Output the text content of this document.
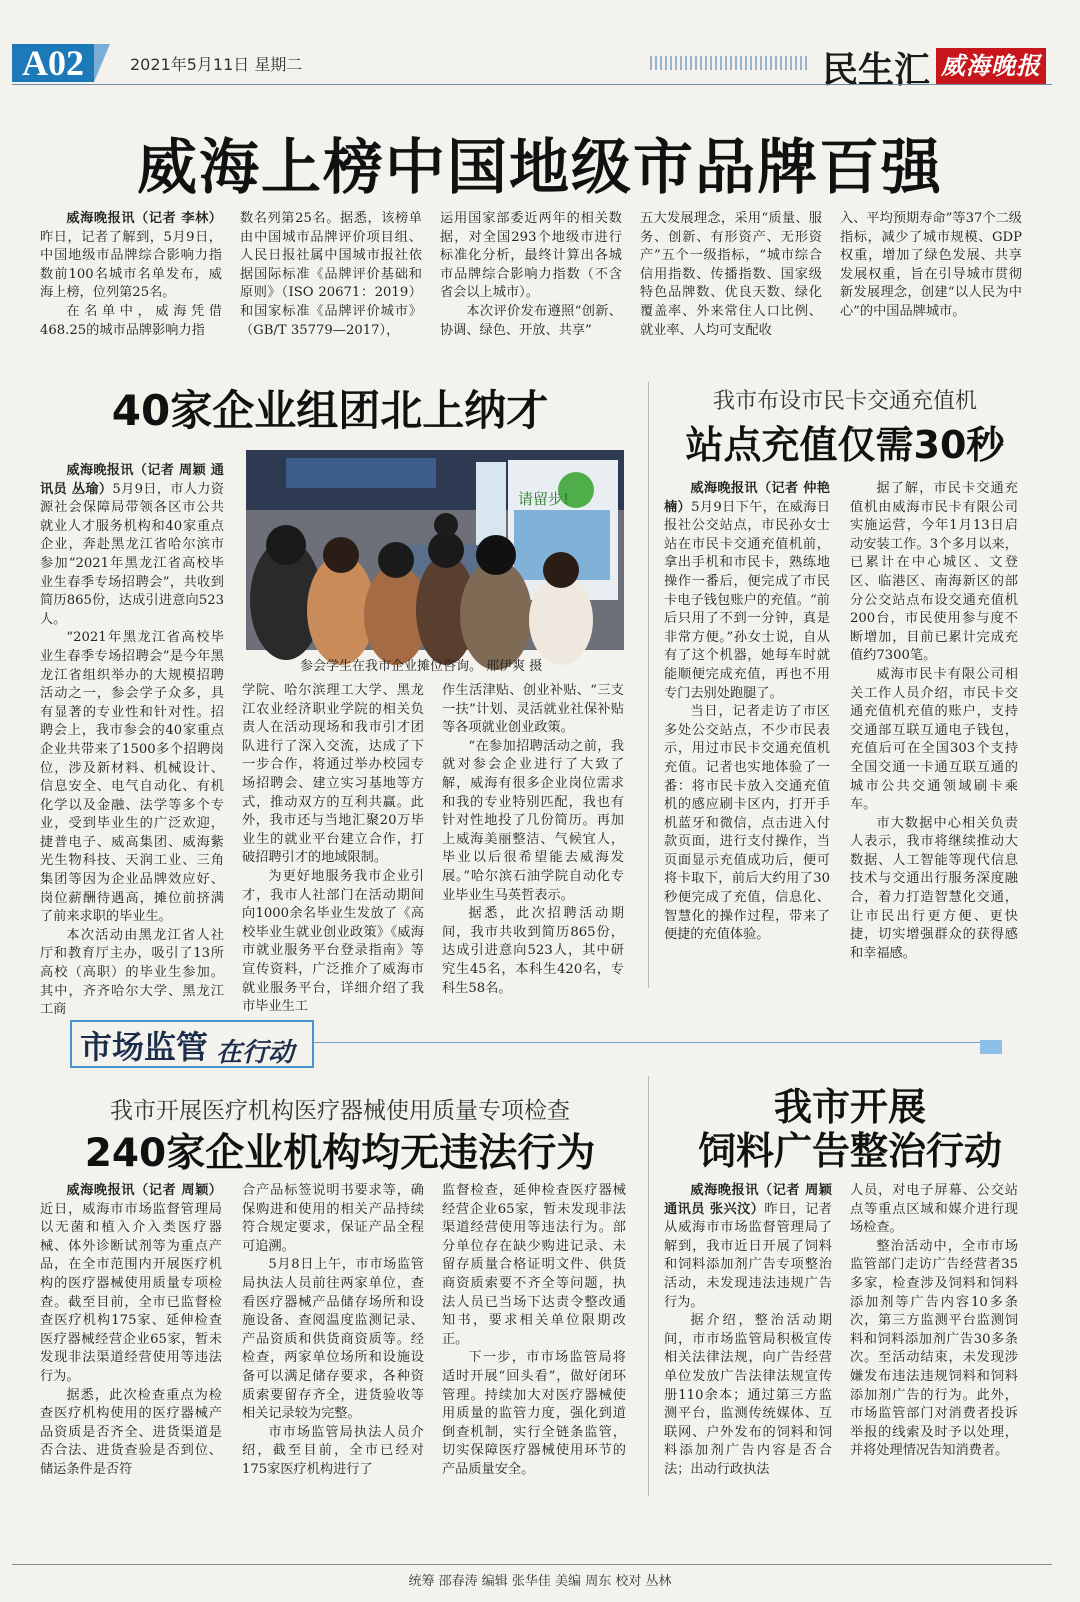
A02	2021年5月11日 星期二	民生汇 威海晚报
威海上榜中国地级市品牌百强

威海晚报讯（记者 李林）昨日，记者了解到，5月9日，中国地级市品牌综合影响力指数前100名城市名单发布，威海上榜，位列第25名。

在名单中，威海凭借468.25的城市品牌影响力指

数名列第25名。据悉，该榜单由中国城市品牌评价项目组、人民日报社属中国城市报社依据国际标准《品牌评价基础和原则》（ISO 20671：2019）和国家标准《品牌评价城市》（GB/T 35779—2017），

运用国家部委近两年的相关数据，对全国293个地级市进行标准化分析，最终计算出各城市品牌综合影响力指数（不含省会以上城市）。

本次评价发布遵照“创新、协调、绿色、开放、共享”

五大发展理念，采用“质量、服务、创新、有形资产、无形资产”五个一级指标，“城市综合信用指数、传播指数、国家级特色品牌数、优良天数、绿化覆盖率、外来常住人口比例、就业率、人均可支配收

入、平均预期寿命”等37个二级指标，减少了城市规模、GDP权重，增加了绿色发展、共享发展权重，旨在引导城市贯彻新发展理念，创建“以人民为中心”的中国品牌城市。

40家企业组团北上纳才
请留步!
参会学生在我市企业摊位咨询。 邢伊爽 摄

威海晚报讯（记者 周颖 通讯员 丛瑜）5月9日，市人力资源社会保障局带领各区市公共就业人才服务机构和40家重点企业，奔赴黑龙江省哈尔滨市参加“2021年黑龙江省高校毕业生春季专场招聘会”，共收到简历865份，达成引进意向523人。

“2021年黑龙江省高校毕业生春季专场招聘会”是今年黑龙江省组织举办的大规模招聘活动之一，参会学子众多，具有显著的专业性和针对性。招聘会上，我市参会的40家重点企业共带来了1500多个招聘岗位，涉及新材料、机械设计、信息安全、电气自动化、有机化学以及金融、法学等多个专业，受到毕业生的广泛欢迎，捷普电子、威高集团、威海紫光生物科技、天润工业、三角集团等因为企业品牌效应好、岗位薪酬待遇高，摊位前挤满了前来求职的毕业生。

本次活动由黑龙江省人社厅和教育厅主办，吸引了13所高校（高职）的毕业生参加。其中，齐齐哈尔大学、黑龙江工商

学院、哈尔滨理工大学、黑龙江农业经济职业学院的相关负责人在活动现场和我市引才团队进行了深入交流，达成了下一步合作，将通过举办校园专场招聘会、建立实习基地等方式，推动双方的互利共赢。此外，我市还与当地汇聚20万毕业生的就业平台建立合作，打破招聘引才的地域限制。

为更好地服务我市企业引才，我市人社部门在活动期间向1000余名毕业生发放了《高校毕业生就业创业政策》《威海市就业服务平台登录指南》等宣传资料，广泛推介了威海市就业服务平台，详细介绍了我市毕业生工

作生活津贴、创业补贴、“三支一扶”计划、灵活就业社保补贴等各项就业创业政策。

“在参加招聘活动之前，我就对参会企业进行了大致了解，威海有很多企业岗位需求和我的专业特别匹配，我也有针对性地投了几份简历。再加上威海美丽整洁、气候宜人，毕业以后很希望能去威海发展。”哈尔滨石油学院自动化专业毕业生马英哲表示。

据悉，此次招聘活动期间，我市共收到简历865份，达成引进意向523人，其中研究生45名，本科生420名，专科生58名。

我市布设市民卡交通充值机
站点充值仅需30秒

威海晚报讯（记者 仲艳楠）5月9日下午，在威海日报社公交站点，市民孙女士站在市民卡交通充值机前，拿出手机和市民卡，熟练地操作一番后，便完成了市民卡电子钱包账户的充值。“前后只用了不到一分钟，真是非常方便。”孙女士说，自从有了这个机器，她每车时就能顺便完成充值，再也不用专门去别处跑腿了。

当日，记者走访了市区多处公交站点，不少市民表示，用过市民卡交通充值机充值。记者也实地体验了一番：将市民卡放入交通充值机的感应刷卡区内，打开手机蓝牙和微信，点击进入付款页面，进行支付操作，当页面显示充值成功后，便可将卡取下，前后大约用了30秒便完成了充值，信息化、智慧化的操作过程，带来了便捷的充值体验。

据了解，市民卡交通充值机由威海市民卡有限公司实施运营，今年1月13日启动安装工作。3个多月以来，已累计在中心城区、文登区、临港区、南海新区的部分公交站点布设交通充值机200台，市民使用参与度不断增加，目前已累计完成充值约7300笔。

威海市民卡有限公司相关工作人员介绍，市民卡交通充值机充值的账户，支持交通部互联互通电子钱包，充值后可在全国303个支持全国交通一卡通互联互通的城市公共交通领域刷卡乘车。

市大数据中心相关负责人表示，我市将继续推动大数据、人工智能等现代信息技术与交通出行服务深度融合，着力打造智慧化交通，让市民出行更方便、更快捷，切实增强群众的获得感和幸福感。

市场监管 在行动
我市开展医疗机构医疗器械使用质量专项检查
240家企业机构均无违法行为

威海晚报讯（记者 周颖）近日，威海市市场监督管理局以无菌和植入介入类医疗器械、体外诊断试剂等为重点产品，在全市范围内开展医疗机构的医疗器械使用质量专项检查。截至目前，全市已监督检查医疗机构175家、延伸检查医疗器械经营企业65家，暂未发现非法渠道经营使用等违法行为。

据悉，此次检查重点为检查医疗机构使用的医疗器械产品资质是否齐全、进货渠道是否合法、进货查验是否到位、储运条件是否符

合产品标签说明书要求等，确保购进和使用的相关产品持续符合规定要求，保证产品全程可追溯。

5月8日上午，市市场监管局执法人员前往两家单位，查看医疗器械产品储存场所和设施设备、查阅温度监测记录、产品资质和供货商资质等。经检查，两家单位场所和设施设备可以满足储存要求，各种资质索要留存齐全，进货验收等相关记录较为完整。

市市场监管局执法人员介绍，截至目前，全市已经对175家医疗机构进行了

监督检查，延伸检查医疗器械经营企业65家，暂未发现非法渠道经营使用等违法行为。部分单位存在缺少购进记录、未留存质量合格证明文件、供货商资质索要不齐全等问题，执法人员已当场下达责令整改通知书，要求相关单位限期改正。

下一步，市市场监管局将适时开展“回头看”，做好闭环管理。持续加大对医疗器械使用质量的监管力度，强化到道倒查机制，实行全链条监管，切实保障医疗器械使用环节的产品质量安全。

我市开展
饲料广告整治行动

威海晚报讯（记者 周颖 通讯员 张兴汶）昨日，记者从威海市市场监督管理局了解到，我市近日开展了饲料和饲料添加剂广告专项整治活动，未发现违法违规广告行为。

据介绍，整治活动期间，市市场监管局积极宣传相关法律法规，向广告经营单位发放广告法律法规宣传册110余本；通过第三方监测平台，监测传统媒体、互联网、户外发布的饲料和饲料添加剂广告内容是否合法；出动行政执法

人员，对电子屏幕、公交站点等重点区域和媒介进行现场检查。

整治活动中，全市市场监管部门走访广告经营者35多家，检查涉及饲料和饲料添加剂等广告内容10多条次，第三方监测平台监测饲料和饲料添加剂广告30多条次。至活动结束，未发现涉嫌发布违法违规饲料和饲料添加剂广告的行为。此外，市场监管部门对消费者投诉举报的线索及时予以处理，并将处理情况告知消费者。

统筹 邵春涛 编辑 张华佳 美编 周东 校对 丛林
